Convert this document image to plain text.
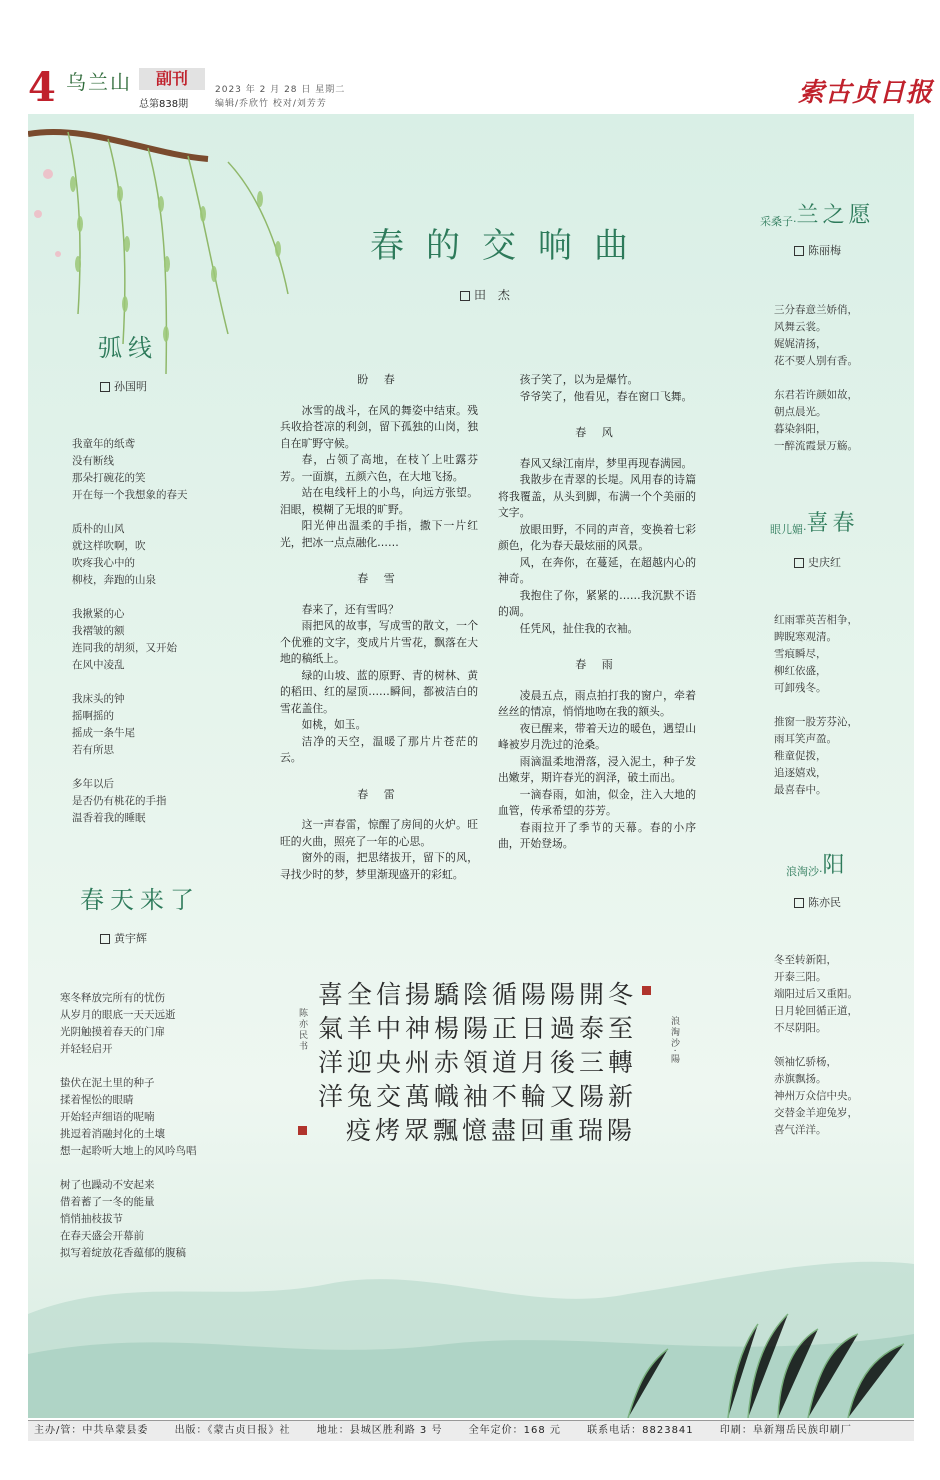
4 乌兰山	副刊
总第838期
2023 年 2 月 28 日 星期二
编辑/乔欣竹 校对/刘芳芳	索古贞日报
春的交响曲
田 杰
盼 春

冰雪的战斗，在风的舞姿中结束。残兵收拾苍凉的利剑，留下孤独的山岗，独自在旷野守候。

春，占领了高地，在枝丫上吐露芬芳。一面旗，五颜六色，在大地飞扬。

站在电线杆上的小鸟，向远方张望。泪眼，模糊了无垠的旷野。

阳光伸出温柔的手指，撒下一片红光，把冰一点点融化……

春 雪

春来了，还有雪吗？

雨把风的故事，写成雪的散文，一个个优雅的文字，变成片片雪花，飘落在大地的稿纸上。

绿的山坡、蓝的原野、青的树林、黄的稻田、红的屋顶……瞬间，都被洁白的雪花盖住。

如桃，如玉。

洁净的天空，温暖了那片片苍茫的云。

春 雷

这一声春雷，惊醒了房间的火炉。旺旺的火曲，照亮了一年的心思。

窗外的雨，把思绪拔开，留下的风，寻找少时的梦，梦里渐现盛开的彩虹。

孩子笑了，以为是爆竹。

爷爷笑了，他看见，春在窗口飞舞。

春 风

春风又绿江南岸，梦里再现春满园。

我散步在青翠的长堤。风用春的诗篇将我覆盖，从头到脚，布满一个个美丽的文字。

放眼田野，不同的声音，变换着七彩颜色，化为春天最炫丽的风景。

风，在奔你，在蔓延，在超越内心的神奇。

我抱住了你，紧紧的……我沉默不语的凋。

任凭风，扯住我的衣袖。

春 雨

凌晨五点，雨点拍打我的窗户，牵着丝丝的情凉，悄悄地吻在我的额头。

夜已醒来，带着天边的暖色，遇望山峰被岁月洗过的沧桑。

雨滴温柔地滑落，浸入泥土，种子发出嫩芽，期许春光的润泽，破土而出。

一滴春雨，如油，似金，注入大地的血管，传承希望的芬芳。

春雨拉开了季节的天幕。春的小序曲，开始登场。

弧线
孙国明
我童年的纸鸢
没有断线
那朵打碗花的笑
开在每一个我想象的春天
质朴的山风
就这样吹啊，吹
吹疼我心中的
柳枝，奔跑的山泉
我揪紧的心
我褶皱的额
连同我的胡须，又开始
在风中凌乱
我床头的钟
摇啊摇的
摇成一条牛尾
若有所思
多年以后
是否仍有桃花的手指
温香着我的睡眠
春天来了
黄宇辉
寒冬释放完所有的忧伤
从岁月的眼底一天天远逝
光阴触摸着春天的门扉
并轻轻启开
蛰伏在泥土里的种子
揉着惺忪的眼睛
开始轻声细语的呢喃
挑逗着消融封化的土壤
想一起聆听大地上的风吟鸟唱
树了也躁动不安起来
借着蓄了一冬的能量
悄悄抽枝拔节
在春天盛会开幕前
拟写着绽放花香蕴郁的腹稿
采桑子·兰之愿
陈丽梅
三分春意兰娇俏，
风舞云裳。
娓娓清扬，
花不要人别有香。
东君若许颜如故，
朝点晨光。
暮染斜阳，
一醉流霞景万觞。
眼儿媚·喜春
史庆红
红雨霏英苦相争，
睥睨寒观清。
雪痕瞬尽，
柳红依盛，
可卸残冬。
推窗一股芳芬沁，
雨耳笑声盈。
稚童促拨，
追逐嬉戏，
最喜春中。
浪淘沙·阳
陈亦民
冬至转新阳，
开泰三阳。
端阳过后又重阳。
日月轮回循正道，
不尽阴阳。
领袖忆骄杨，
赤旗飘扬。
神州万众信中央。
交替金羊迎兔岁，
喜气洋洋。
陈亦民书
喜全信揚驕陰循陽陽開冬
氣羊中神楊陽正日過泰至
洋迎央州赤領道月後三轉
洋兔交萬幟袖不輪又陽新
疫烤眾飄憶盡回重瑞陽
浪淘沙·陽
主办/管：中共阜蒙县委	出版：《蒙古贞日报》社	地址：县城区胜利路 3 号	全年定价：168 元	联系电话：8823841	印刷：阜新翔岳民族印刷厂
